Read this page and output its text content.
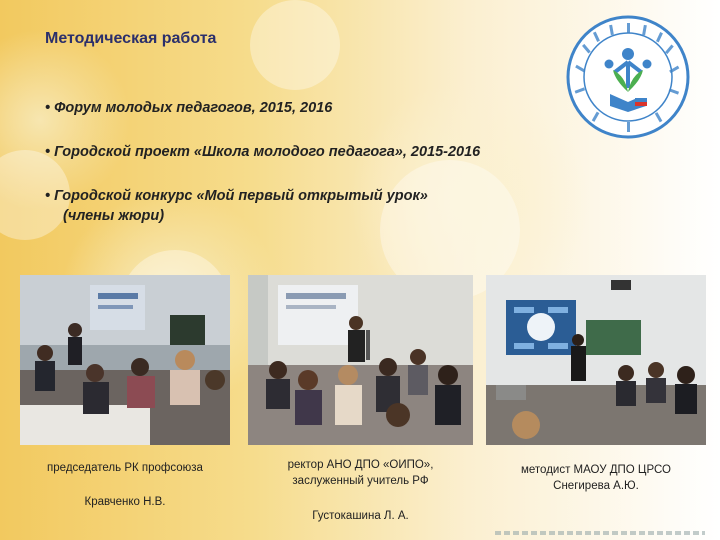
Методическая работа
• Форум молодых педагогов, 2015, 2016
• Городской проект «Школа молодого педагога», 2015-2016
• Городской конкурс «Мой первый открытый урок»
(члены жюри)
председатель РК профсоюза
Кравченко Н.В.
ректор АНО ДПО «ОИПО»,
заслуженный учитель РФ
Густокашина Л. А.
методист МАОУ ДПО ЦРСО
Снегирева А.Ю.
